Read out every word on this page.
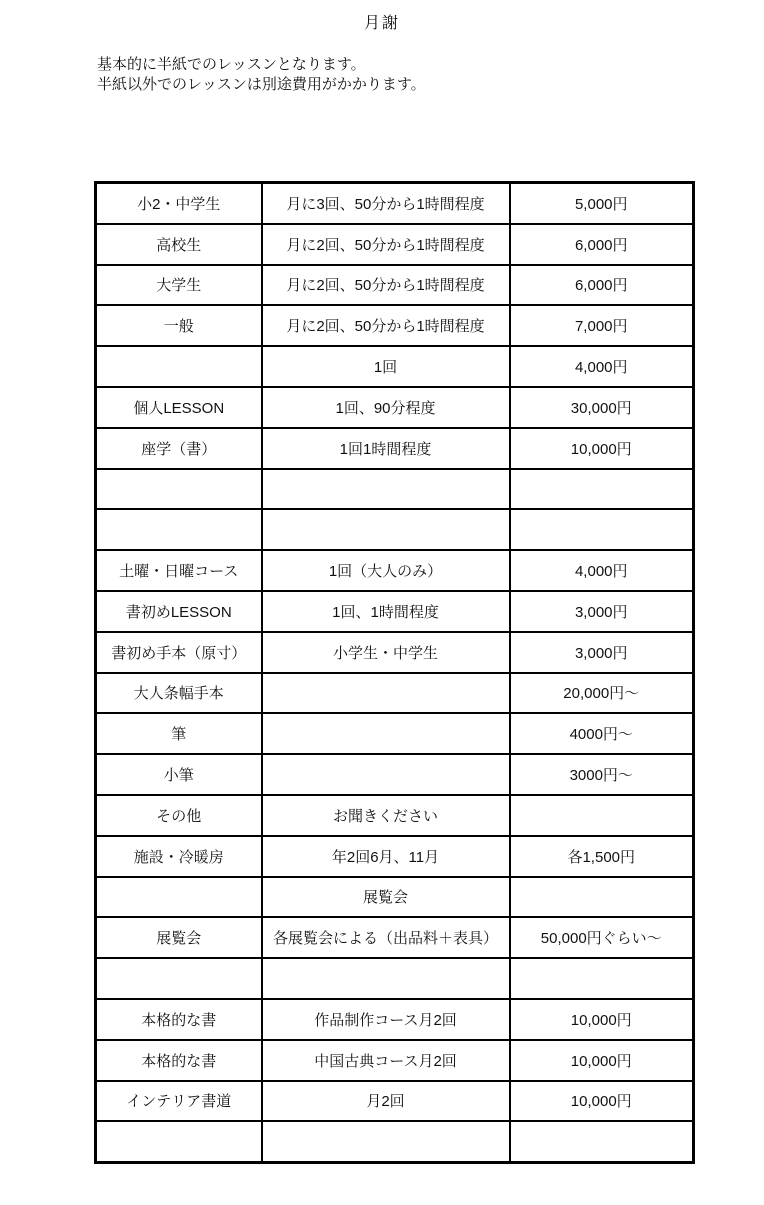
月謝
基本的に半紙でのレッスンとなります。
半紙以外でのレッスンは別途費用がかかります。
小2・中学生	月に3回、50分から1時間程度	5,000円
高校生	月に2回、50分から1時間程度	6,000円
大学生	月に2回、50分から1時間程度	6,000円
一般	月に2回、50分から1時間程度	7,000円
	1回	4,000円
個人LESSON	1回、90分程度	30,000円
座学（書）	1回1時間程度	10,000円

土曜・日曜コース	1回（大人のみ）	4,000円
書初めLESSON	1回、1時間程度	3,000円
書初め手本（原寸）	小学生・中学生	3,000円
大人条幅手本		20,000円～
筆		4000円～
小筆		3000円～
その他	お聞きください	
施設・冷暖房	年2回6月、11月	各1,500円
	展覧会	
展覧会	各展覧会による（出品料＋表具）	50,000円ぐらい～

本格的な書	作品制作コース月2回	10,000円
本格的な書	中国古典コース月2回	10,000円
インテリア書道	月2回	10,000円
